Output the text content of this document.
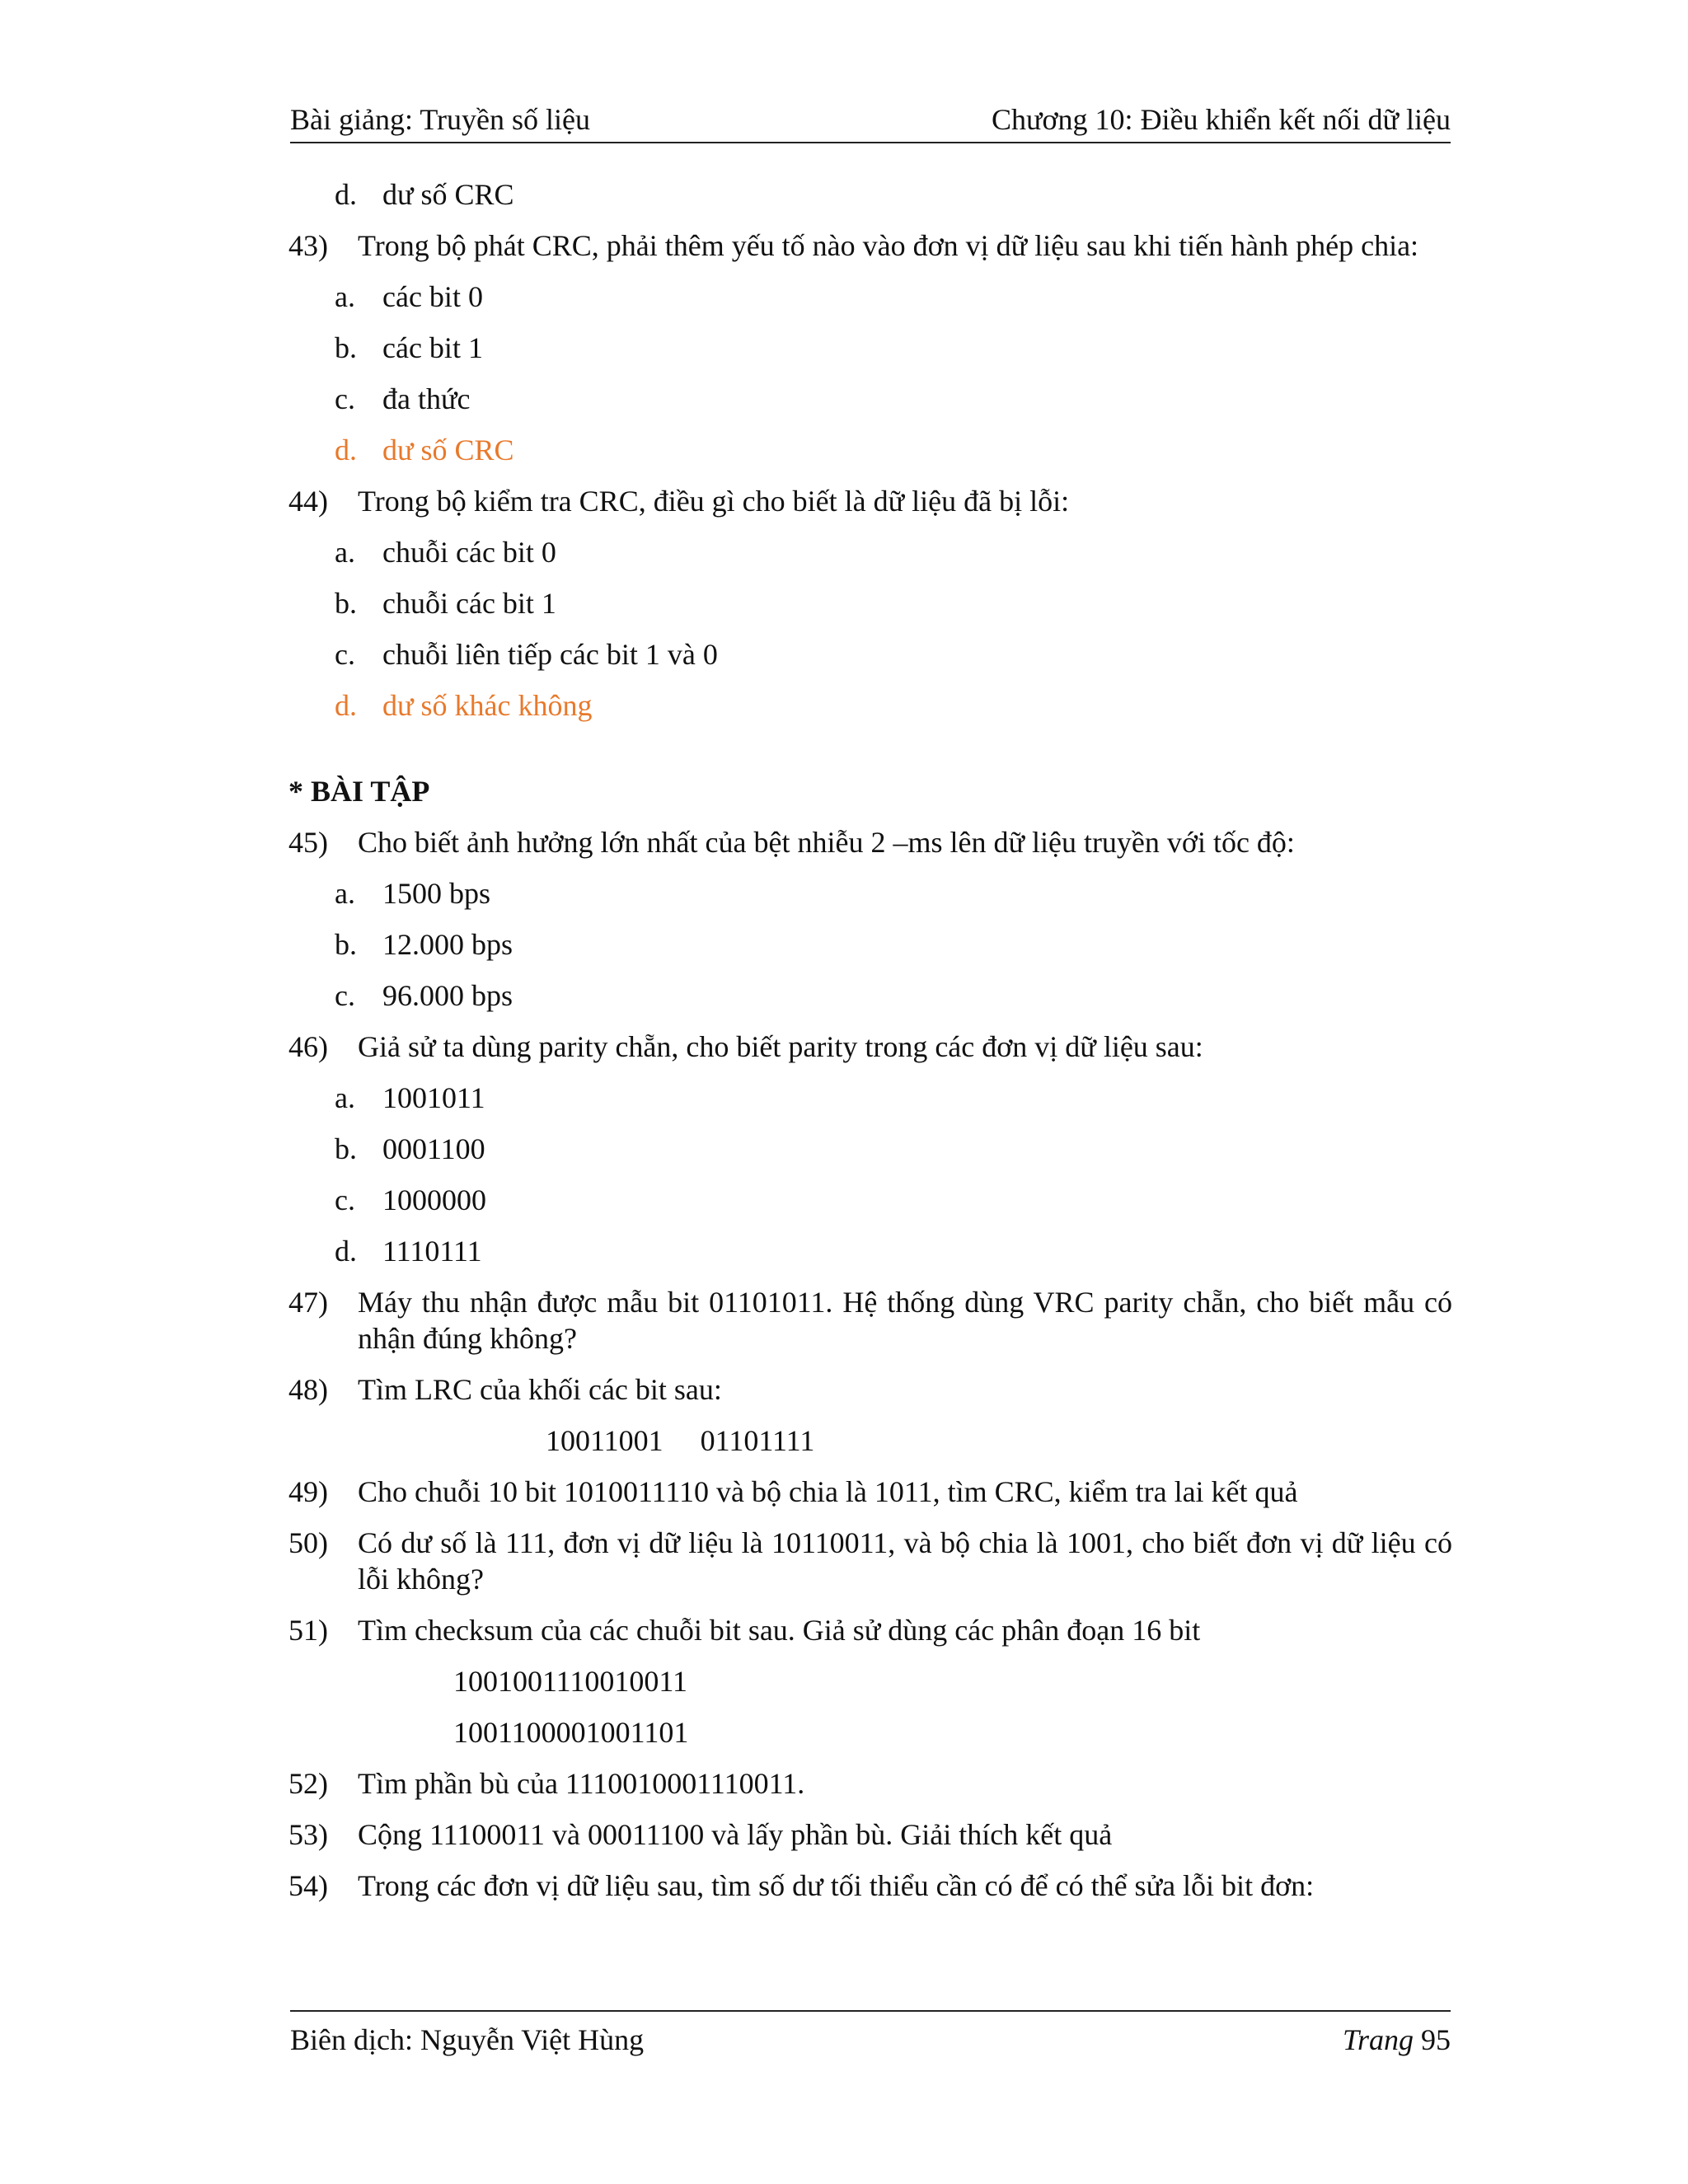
Bài giảng: Truyền số liệu	Chương 10: Điều khiển kết nối dữ liệu
d. dư số CRC
43) Trong bộ phát CRC, phải thêm yếu tố nào vào đơn vị dữ liệu sau khi tiến hành phép chia:
a. các bit 0
b. các bit 1
c. đa thức
d. dư số CRC
44) Trong bộ kiểm tra CRC, điều gì cho biết là dữ liệu đã bị lỗi:
a. chuỗi các bit 0
b. chuỗi các bit 1
c. chuỗi liên tiếp các bit 1 và 0
d. dư số khác không
* BÀI TẬP
45) Cho biết ảnh hưởng lớn nhất của bệt nhiễu 2 –ms lên dữ liệu truyền với tốc độ:
a. 1500 bps
b. 12.000 bps
c. 96.000 bps
46) Giả sử ta dùng parity chẵn, cho biết parity trong các đơn vị dữ liệu sau:
a. 1001011
b. 0001100
c. 1000000
d. 1110111
47) Máy thu nhận được mẫu bit 01101011. Hệ thống dùng VRC parity chẵn, cho biết mẫu có nhận đúng không?
48) Tìm LRC của khối các bit sau:
10011001 01101111
49) Cho chuỗi 10 bit 1010011110 và bộ chia là 1011, tìm CRC, kiểm tra lai kết quả
50) Có dư số là 111, đơn vị dữ liệu là 10110011, và bộ chia là 1001, cho biết đơn vị dữ liệu có lỗi không?
51) Tìm checksum của các chuỗi bit sau. Giả sử dùng các phân đoạn 16 bit
1001001110010011
1001100001001101
52) Tìm phần bù của 1110010001110011.
53) Cộng 11100011 và 00011100 và lấy phần bù. Giải thích kết quả
54) Trong các đơn vị dữ liệu sau, tìm số dư tối thiểu cần có để có thể sửa lỗi bit đơn:
Biên dịch: Nguyễn Việt Hùng	Trang 95
